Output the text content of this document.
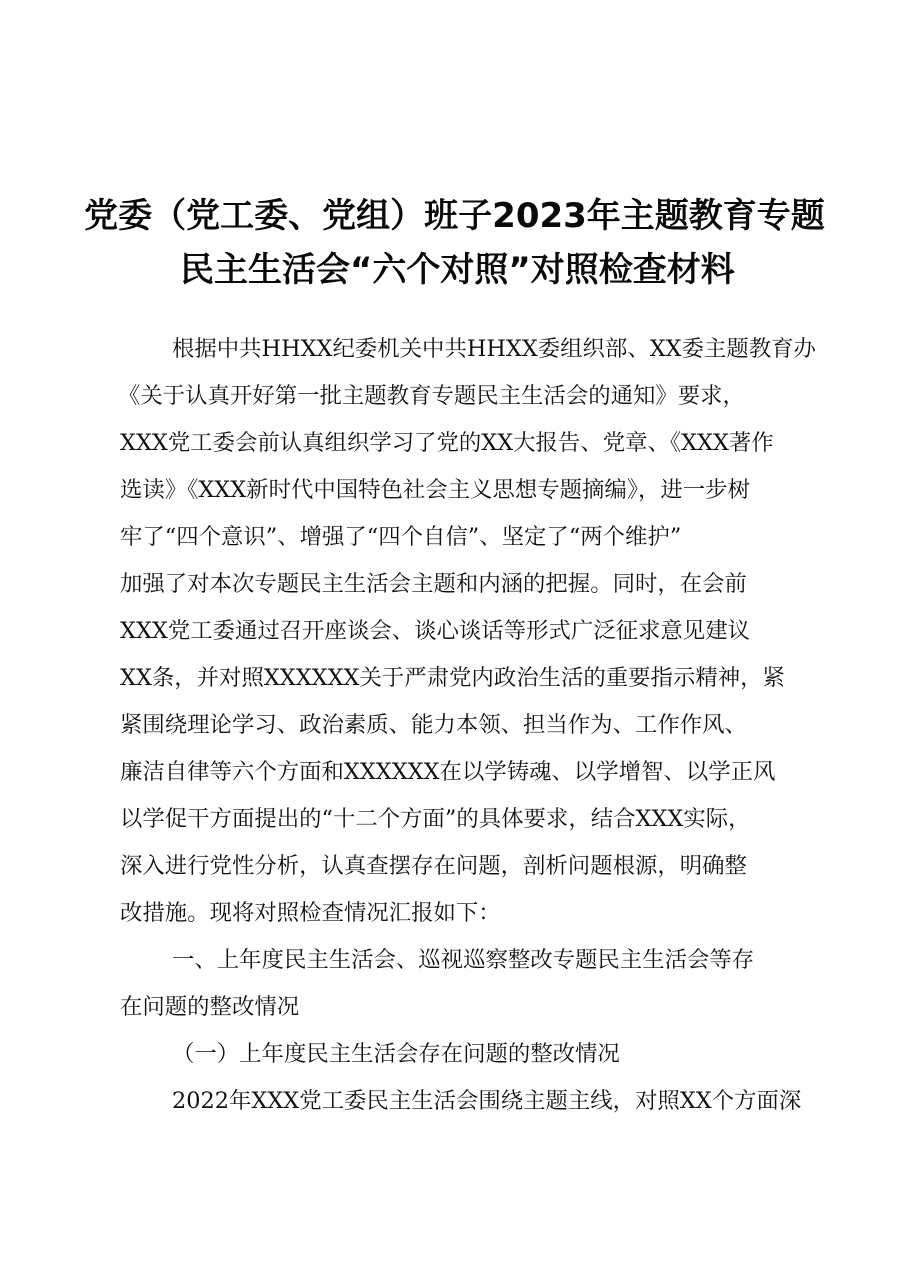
党委（党工委、党组）班子2023年主题教育专题
民主生活会“六个对照”对照检查材料
根据中共HHXX纪委机关中共HHXX委组织部、XX委主题教育办
《关于认真开好第一批主题教育专题民主生活会的通知》要求，
XXX党工委会前认真组织学习了党的XX大报告、党章、《XXX著作
选读》《XXX新时代中国特色社会主义思想专题摘编》，进一步树
牢了“四个意识”、增强了“四个自信”、坚定了“两个维护”
加强了对本次专题民主生活会主题和内涵的把握。同时，在会前
XXX党工委通过召开座谈会、谈心谈话等形式广泛征求意见建议
XX条，并对照XXXXXX关于严肃党内政治生活的重要指示精神，紧
紧围绕理论学习、政治素质、能力本领、担当作为、工作作风、
廉洁自律等六个方面和XXXXXX在以学铸魂、以学增智、以学正风
以学促干方面提出的“十二个方面”的具体要求，结合XXX实际，
深入进行党性分析，认真查摆存在问题，剖析问题根源，明确整
改措施。现将对照检查情况汇报如下：
一、上年度民主生活会、巡视巡察整改专题民主生活会等存
在问题的整改情况
（一）上年度民主生活会存在问题的整改情况
2022年XXX党工委民主生活会围绕主题主线，对照XX个方面深
